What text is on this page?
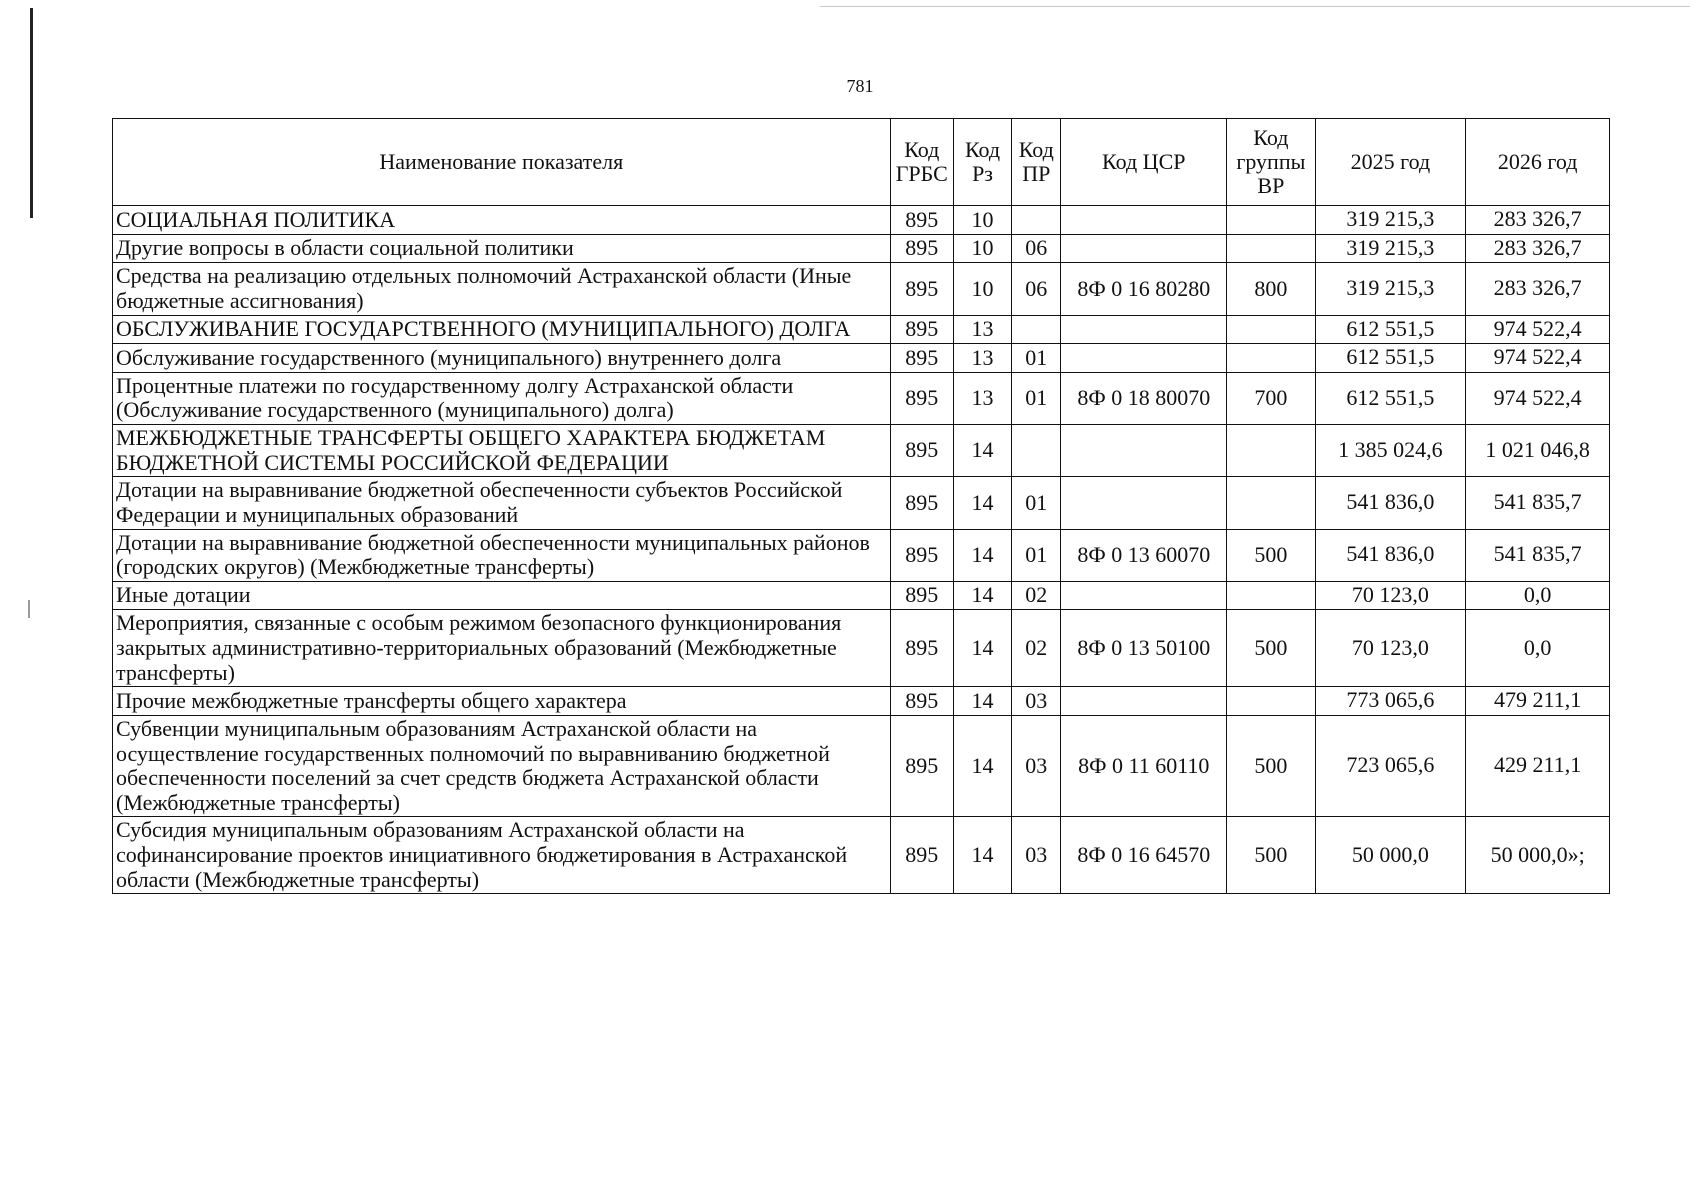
781
Наименование показателя	Код ГРБС	Код Рз	Код ПР	Код ЦСР	Код группы ВР	2025 год	2026 год
СОЦИАЛЬНАЯ ПОЛИТИКА	895	10				319 215,3	283 326,7
Другие вопросы в области социальной политики	895	10	06			319 215,3	283 326,7
Средства на реализацию отдельных полномочий Астраханской области (Иные бюджетные ассигнования)	895	10	06	8Ф 0 16 80280	800	319 215,3	283 326,7
ОБСЛУЖИВАНИЕ ГОСУДАРСТВЕННОГО (МУНИЦИПАЛЬНОГО) ДОЛГА	895	13				612 551,5	974 522,4
Обслуживание государственного (муниципального) внутреннего долга	895	13	01			612 551,5	974 522,4
Процентные платежи по государственному долгу Астраханской области (Обслуживание государственного (муниципального) долга)	895	13	01	8Ф 0 18 80070	700	612 551,5	974 522,4
МЕЖБЮДЖЕТНЫЕ ТРАНСФЕРТЫ ОБЩЕГО ХАРАКТЕРА БЮДЖЕТАМ БЮДЖЕТНОЙ СИСТЕМЫ РОССИЙСКОЙ ФЕДЕРАЦИИ	895	14				1 385 024,6	1 021 046,8
Дотации на выравнивание бюджетной обеспеченности субъектов Российской Федерации и муниципальных образований	895	14	01			541 836,0	541 835,7
Дотации на выравнивание бюджетной обеспеченности муниципальных районов (городских округов) (Межбюджетные трансферты)	895	14	01	8Ф 0 13 60070	500	541 836,0	541 835,7
Иные дотации	895	14	02			70 123,0	0,0
Мероприятия, связанные с особым режимом безопасного функционирования закрытых административно-территориальных образований (Межбюджетные трансферты)	895	14	02	8Ф 0 13 50100	500	70 123,0	0,0
Прочие межбюджетные трансферты общего характера	895	14	03			773 065,6	479 211,1
Субвенции муниципальным образованиям Астраханской области на осуществление государственных полномочий по выравниванию бюджетной обеспеченности поселений за счет средств бюджета Астраханской области (Межбюджетные трансферты)	895	14	03	8Ф 0 11 60110	500	723 065,6	429 211,1
Субсидия муниципальным образованиям Астраханской области на софинансирование проектов инициативного бюджетирования в Астраханской области (Межбюджетные трансферты)	895	14	03	8Ф 0 16 64570	500	50 000,0	50 000,0»;
